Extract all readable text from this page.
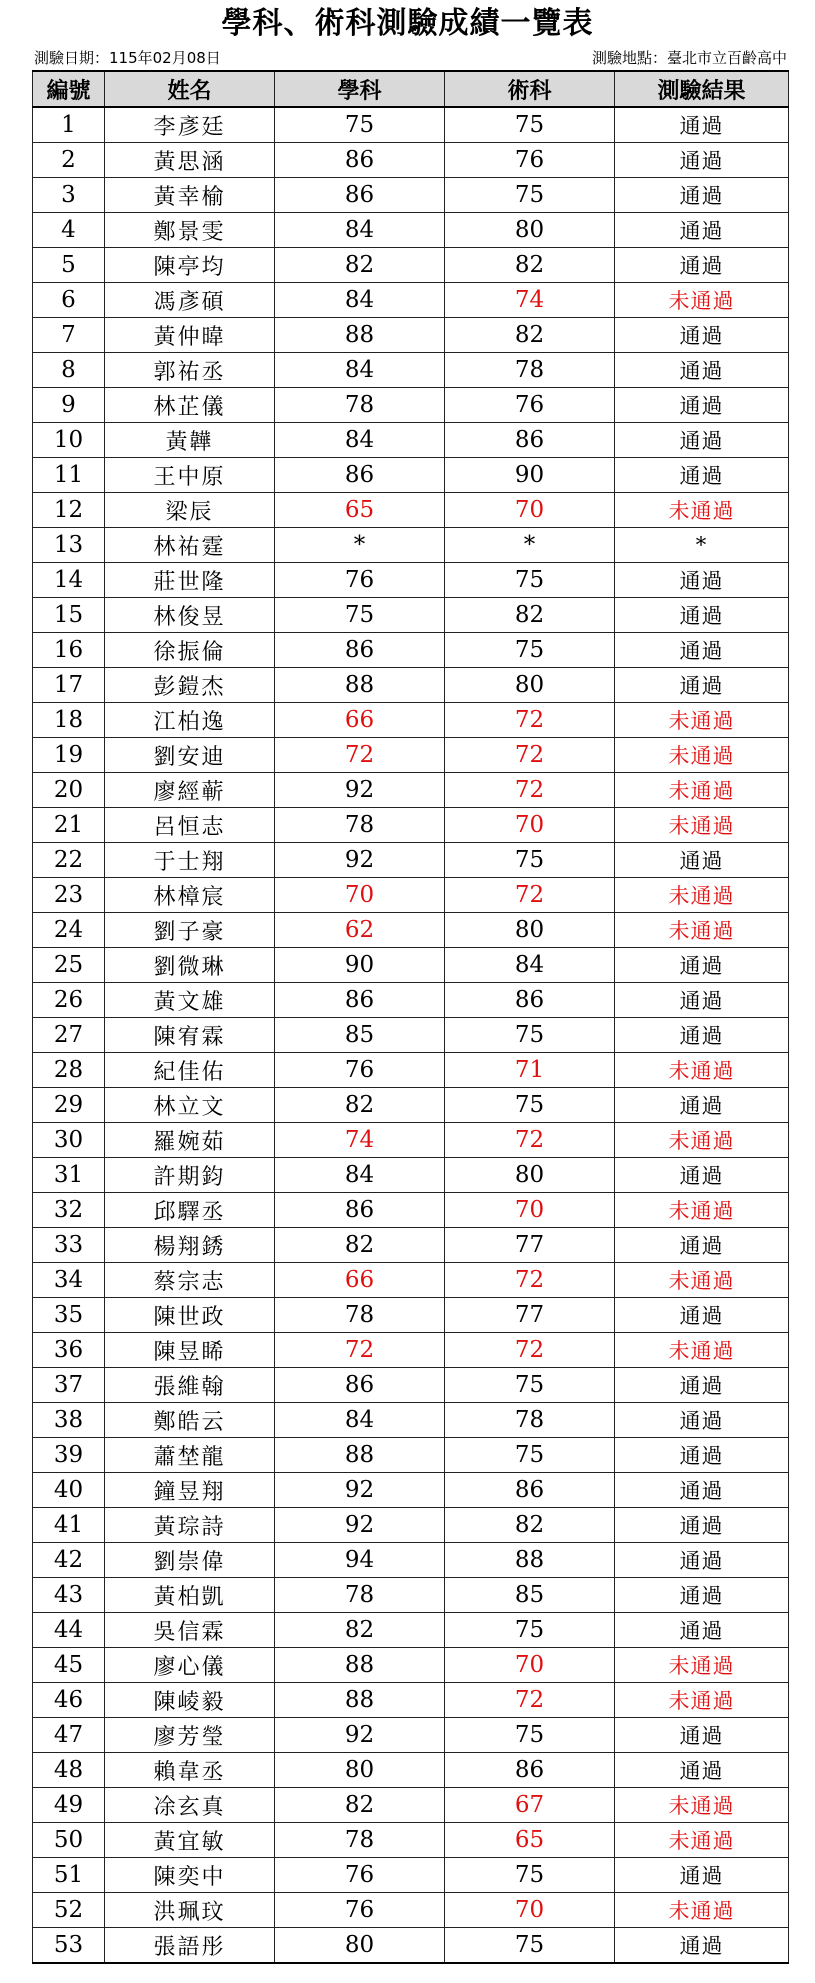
學科、術科測驗成績一覽表
測驗日期：115年02月08日	測驗地點：臺北市立百齡高中
編號	姓名	學科	術科	測驗結果
1	李彥廷	75	75	通過
2	黃思涵	86	76	通過
3	黃幸榆	86	75	通過
4	鄭景雯	84	80	通過
5	陳亭均	82	82	通過
6	馮彥碩	84	74	未通過
7	黃仲暐	88	82	通過
8	郭祐丞	84	78	通過
9	林芷儀	78	76	通過
10	黃韡	84	86	通過
11	王中原	86	90	通過
12	梁辰	65	70	未通過
13	林祐霆	*	*	*
14	莊世隆	76	75	通過
15	林俊昱	75	82	通過
16	徐振倫	86	75	通過
17	彭鎧杰	88	80	通過
18	江柏逸	66	72	未通過
19	劉安迪	72	72	未通過
20	廖經蕲	92	72	未通過
21	呂恒志	78	70	未通過
22	于士翔	92	75	通過
23	林樟宸	70	72	未通過
24	劉子豪	62	80	未通過
25	劉微琳	90	84	通過
26	黃文雄	86	86	通過
27	陳宥霖	85	75	通過
28	紀佳佑	76	71	未通過
29	林立文	82	75	通過
30	羅婉茹	74	72	未通過
31	許期鈞	84	80	通過
32	邱驛丞	86	70	未通過
33	楊翔銹	82	77	通過
34	蔡宗志	66	72	未通過
35	陳世政	78	77	通過
36	陳昱睎	72	72	未通過
37	張維翰	86	75	通過
38	鄭皓云	84	78	通過
39	蕭埜龍	88	75	通過
40	鐘昱翔	92	86	通過
41	黃琮詩	92	82	通過
42	劉崇偉	94	88	通過
43	黃柏凱	78	85	通過
44	吳信霖	82	75	通過
45	廖心儀	88	70	未通過
46	陳崚毅	88	72	未通過
47	廖芳瑩	92	75	通過
48	賴韋丞	80	86	通過
49	凃玄真	82	67	未通過
50	黃宜敏	78	65	未通過
51	陳奕中	76	75	通過
52	洪珮玟	76	70	未通過
53	張語彤	80	75	通過
